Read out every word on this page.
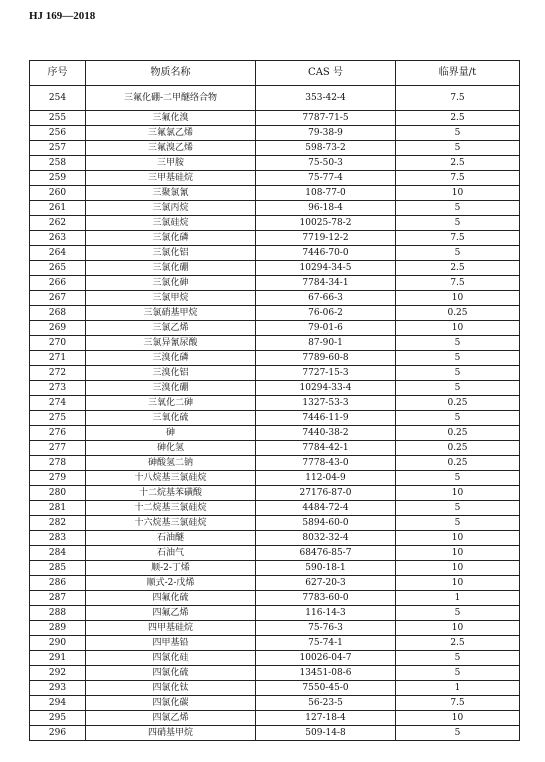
HJ 169—2018
序号	物质名称	CAS 号	临界量/t
254	三氟化硼-二甲醚络合物	353-42-4	7.5
255	三氟化溴	7787-71-5	2.5
256	三氟氯乙烯	79-38-9	5
257	三氟溴乙烯	598-73-2	5
258	三甲胺	75-50-3	2.5
259	三甲基硅烷	75-77-4	7.5
260	三聚氯氰	108-77-0	10
261	三氯丙烷	96-18-4	5
262	三氯硅烷	10025-78-2	5
263	三氯化磷	7719-12-2	7.5
264	三氯化铝	7446-70-0	5
265	三氯化硼	10294-34-5	2.5
266	三氯化砷	7784-34-1	7.5
267	三氯甲烷	67-66-3	10
268	三氯硝基甲烷	76-06-2	0.25
269	三氯乙烯	79-01-6	10
270	三氯异氰尿酸	87-90-1	5
271	三溴化磷	7789-60-8	5
272	三溴化铝	7727-15-3	5
273	三溴化硼	10294-33-4	5
274	三氧化二砷	1327-53-3	0.25
275	三氧化硫	7446-11-9	5
276	砷	7440-38-2	0.25
277	砷化氢	7784-42-1	0.25
278	砷酸氢二钠	7778-43-0	0.25
279	十八烷基三氯硅烷	112-04-9	5
280	十二烷基苯磺酸	27176-87-0	10
281	十二烷基三氯硅烷	4484-72-4	5
282	十六烷基三氯硅烷	5894-60-0	5
283	石油醚	8032-32-4	10
284	石油气	68476-85-7	10
285	顺-2-丁烯	590-18-1	10
286	顺式-2-戊烯	627-20-3	10
287	四氟化硫	7783-60-0	1
288	四氟乙烯	116-14-3	5
289	四甲基硅烷	75-76-3	10
290	四甲基铅	75-74-1	2.5
291	四氯化硅	10026-04-7	5
292	四氯化硫	13451-08-6	5
293	四氯化钛	7550-45-0	1
294	四氯化碳	56-23-5	7.5
295	四氯乙烯	127-18-4	10
296	四硝基甲烷	509-14-8	5
